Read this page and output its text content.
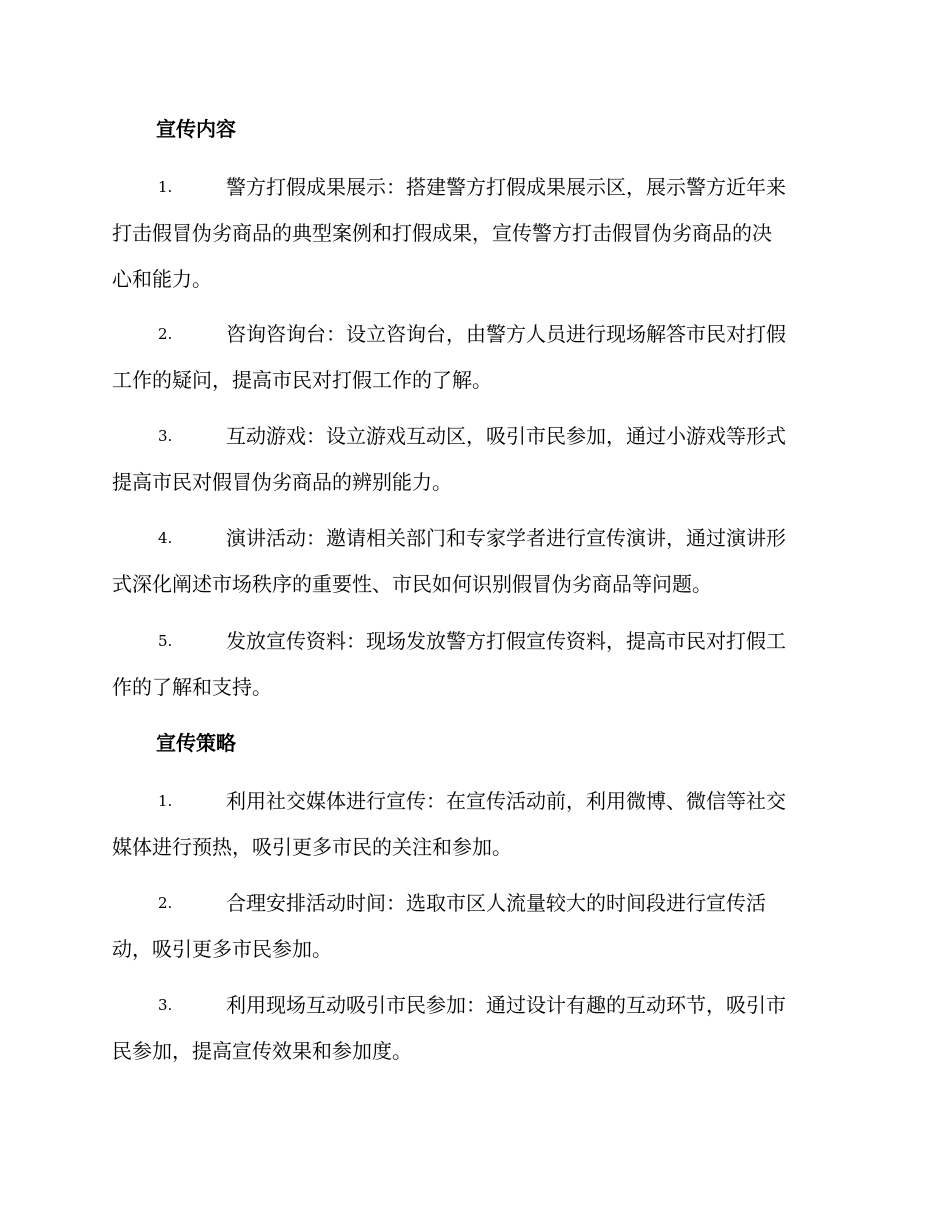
宣传内容
1.	警方打假成果展示：搭建警方打假成果展示区，展示警方近年来
打击假冒伪劣商品的典型案例和打假成果，宣传警方打击假冒伪劣商品的决
心和能力。
2.	咨询咨询台：设立咨询台，由警方人员进行现场解答市民对打假
工作的疑问，提高市民对打假工作的了解。
3.	互动游戏：设立游戏互动区，吸引市民参加，通过小游戏等形式
提高市民对假冒伪劣商品的辨别能力。
4.	演讲活动：邀请相关部门和专家学者进行宣传演讲，通过演讲形
式深化阐述市场秩序的重要性、市民如何识别假冒伪劣商品等问题。
5.	发放宣传资料：现场发放警方打假宣传资料，提高市民对打假工
作的了解和支持。
宣传策略
1.	利用社交媒体进行宣传：在宣传活动前，利用微博、微信等社交
媒体进行预热，吸引更多市民的关注和参加。
2.	合理安排活动时间：选取市区人流量较大的时间段进行宣传活
动，吸引更多市民参加。
3.	利用现场互动吸引市民参加：通过设计有趣的互动环节，吸引市
民参加，提高宣传效果和参加度。
